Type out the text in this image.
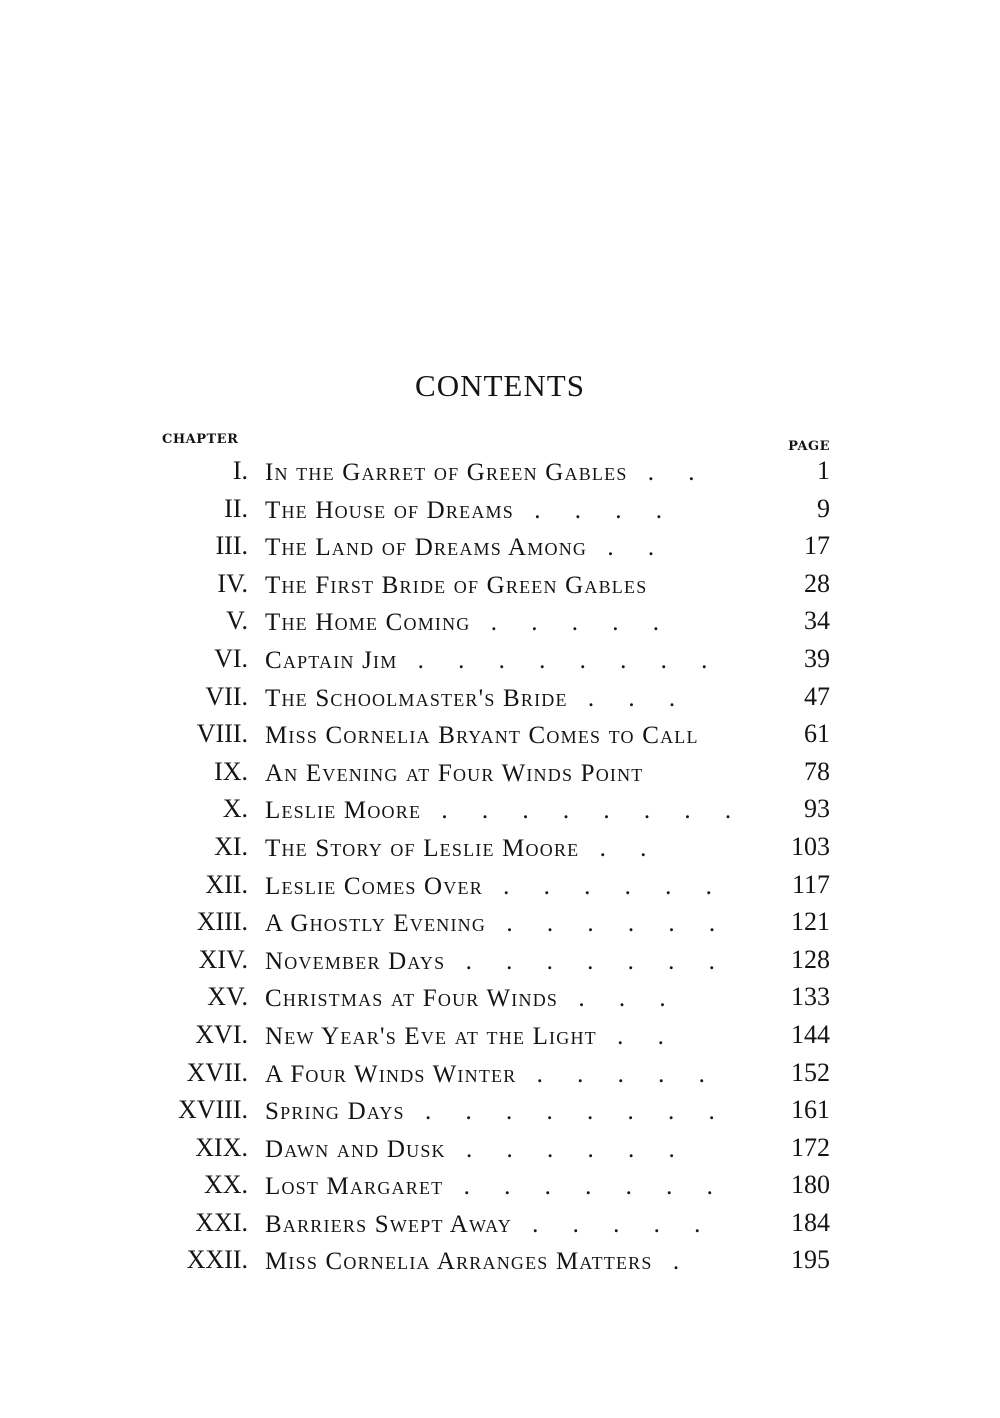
CONTENTS
CHAPTER	PAGE
I. In the Garret of Green Gables . .	1
II. The House of Dreams . . . .	9
III. The Land of Dreams Among . .	17
IV. The First Bride of Green Gables	28
V. The Home Coming . . . . .	34
VI. Captain Jim . . . . . . . .	39
VII. The Schoolmaster's Bride . . .	47
VIII. Miss Cornelia Bryant Comes to Call	61
IX. An Evening at Four Winds Point	78
X. Leslie Moore . . . . . . . .	93
XI. The Story of Leslie Moore . .	103
XII. Leslie Comes Over . . . . . .	117
XIII. A Ghostly Evening . . . . . .	121
XIV. November Days . . . . . . .	128
XV. Christmas at Four Winds . . .	133
XVI. New Year's Eve at the Light . .	144
XVII. A Four Winds Winter . . . . .	152
XVIII. Spring Days . . . . . . . .	161
XIX. Dawn and Dusk . . . . . .	172
XX. Lost Margaret . . . . . . .	180
XXI. Barriers Swept Away . . . . .	184
XXII. Miss Cornelia Arranges Matters .	195
